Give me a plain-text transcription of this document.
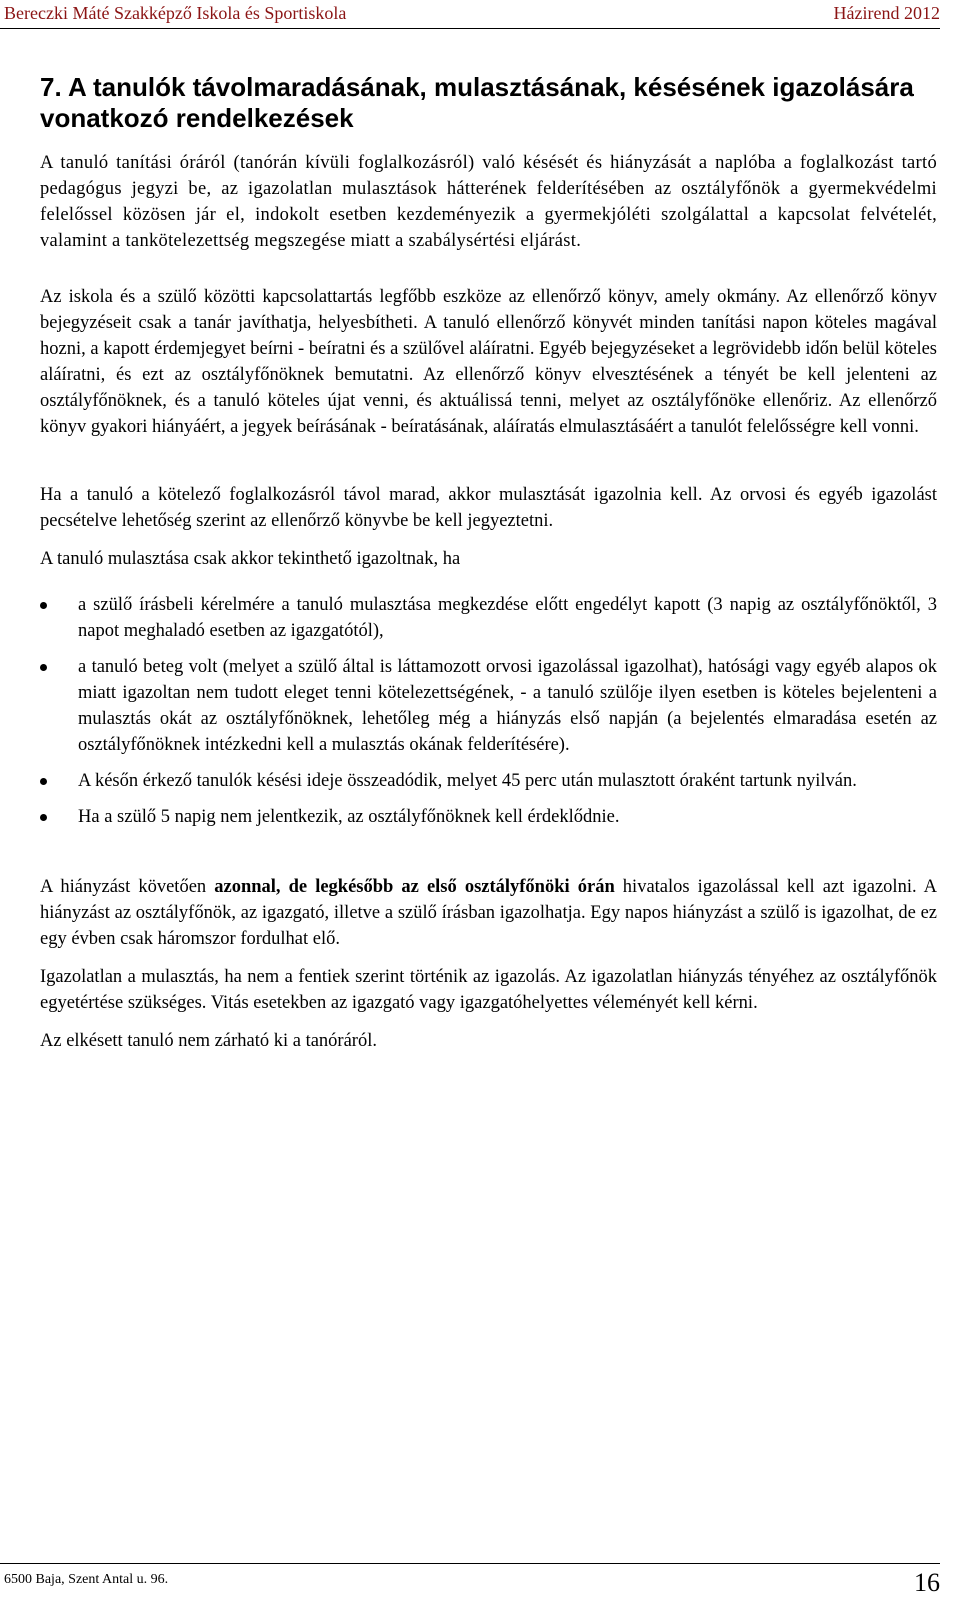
Bereczki Máté Szakképző Iskola és Sportiskola	Házirend 2012
7. A tanulók távolmaradásának, mulasztásának, késésének igazolására vonatkozó rendelkezések

A tanuló tanítási óráról (tanórán kívüli foglalkozásról) való késését és hiányzását a naplóba a foglalkozást tartó pedagógus jegyzi be, az igazolatlan mulasztások hátterének felderítésében az osztályfőnök a gyermekvédelmi felelőssel közösen jár el, indokolt esetben kezdeményezik a gyermekjóléti szolgálattal a kapcsolat felvételét, valamint a tankötelezettség megszegése miatt a szabálysértési eljárást.

Az iskola és a szülő közötti kapcsolattartás legfőbb eszköze az ellenőrző könyv, amely okmány. Az ellenőrző könyv bejegyzéseit csak a tanár javíthatja, helyesbítheti. A tanuló ellenőrző könyvét minden tanítási napon köteles magával hozni, a kapott érdemjegyet beírni - beíratni és a szülővel aláíratni. Egyéb bejegyzéseket a legrövidebb időn belül köteles aláíratni, és ezt az osztályfőnöknek bemutatni. Az ellenőrző könyv elvesztésének a tényét be kell jelenteni az osztályfőnöknek, és a tanuló köteles újat venni, és aktuálissá tenni, melyet az osztályfőnöke ellenőriz. Az ellenőrző könyv gyakori hiányáért, a jegyek beírásának - beíratásának, aláíratás elmulasztásáért a tanulót felelősségre kell vonni.

Ha a tanuló a kötelező foglalkozásról távol marad, akkor mulasztását igazolnia kell. Az orvosi és egyéb igazolást pecsételve lehetőség szerint az ellenőrző könyvbe be kell jegyeztetni.

A tanuló mulasztása csak akkor tekinthető igazoltnak, ha

a szülő írásbeli kérelmére a tanuló mulasztása megkezdése előtt engedélyt kapott (3 napig az osztályfőnöktől, 3 napot meghaladó esetben az igazgatótól),
a tanuló beteg volt (melyet a szülő által is láttamozott orvosi igazolással igazolhat), hatósági vagy egyéb alapos ok miatt igazoltan nem tudott eleget tenni kötelezettségének, - a tanuló szülője ilyen esetben is köteles bejelenteni a mulasztás okát az osztályfőnöknek, lehetőleg még a hiányzás első napján (a bejelentés elmaradása esetén az osztályfőnöknek intézkedni kell a mulasztás okának felderítésére).
A későn érkező tanulók késési ideje összeadódik, melyet 45 perc után mulasztott óraként tartunk nyilván.
Ha a szülő 5 napig nem jelentkezik, az osztályfőnöknek kell érdeklődnie.

A hiányzást követően azonnal, de legkésőbb az első osztályfőnöki órán hivatalos igazolással kell azt igazolni. A hiányzást az osztályfőnök, az igazgató, illetve a szülő írásban igazolhatja. Egy napos hiányzást a szülő is igazolhat, de ez egy évben csak háromszor fordulhat elő.

Igazolatlan a mulasztás, ha nem a fentiek szerint történik az igazolás. Az igazolatlan hiányzás tényéhez az osztályfőnök egyetértése szükséges. Vitás esetekben az igazgató vagy igazgatóhelyettes véleményét kell kérni.

Az elkésett tanuló nem zárható ki a tanóráról.

6500 Baja, Szent Antal u. 96.	16
